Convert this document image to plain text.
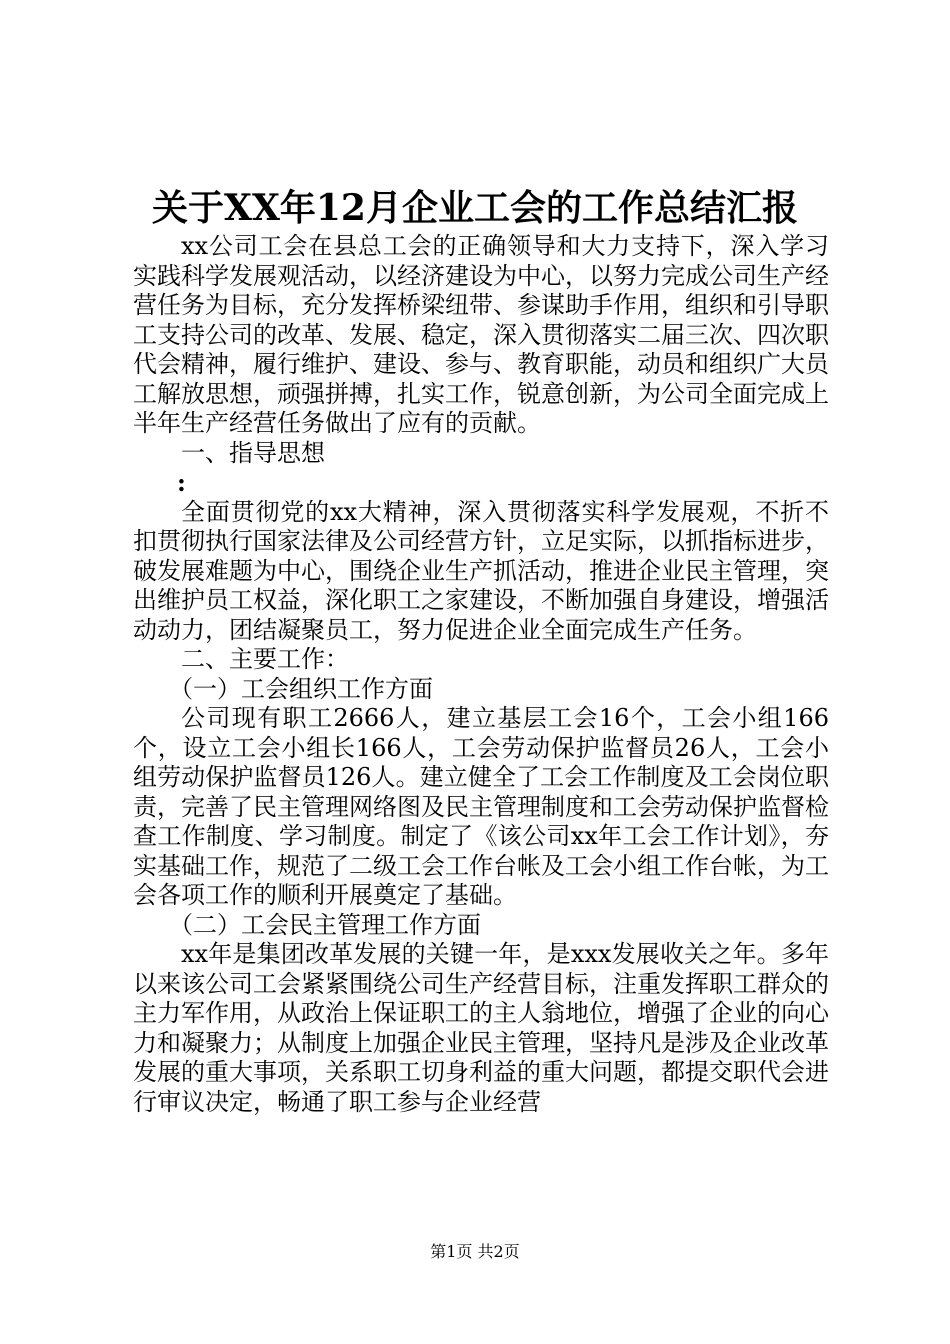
关于XX年12月企业工会的工作总结汇报

xx公司工会在县总工会的正确领导和大力支持下，深入学习实践科学发展观活动，以经济建设为中心，以努力完成公司生产经营任务为目标，充分发挥桥梁纽带、参谋助手作用，组织和引导职工支持公司的改革、发展、稳定，深入贯彻落实二届三次、四次职代会精神，履行维护、建设、参与、教育职能，动员和组织广大员工解放思想，顽强拼搏，扎实工作，锐意创新，为公司全面完成上半年生产经营任务做出了应有的贡献。

一、指导思想

:

全面贯彻党的xx大精神，深入贯彻落实科学发展观，不折不扣贯彻执行国家法律及公司经营方针，立足实际，以抓指标进步，破发展难题为中心，围绕企业生产抓活动，推进企业民主管理，突出维护员工权益，深化职工之家建设，不断加强自身建设，增强活动动力，团结凝聚员工，努力促进企业全面完成生产任务。

二、主要工作：

（一）工会组织工作方面

公司现有职工2666人，建立基层工会16个，工会小组166个，设立工会小组长166人，工会劳动保护监督员26人，工会小组劳动保护监督员126人。建立健全了工会工作制度及工会岗位职责，完善了民主管理网络图及民主管理制度和工会劳动保护监督检查工作制度、学习制度。制定了《该公司xx年工会工作计划》，夯实基础工作，规范了二级工会工作台帐及工会小组工作台帐，为工会各项工作的顺利开展奠定了基础。

（二）工会民主管理工作方面

xx年是集团改革发展的关键一年，是xxx发展收关之年。多年以来该公司工会紧紧围绕公司生产经营目标，注重发挥职工群众的主力军作用，从政治上保证职工的主人翁地位，增强了企业的向心力和凝聚力；从制度上加强企业民主管理，坚持凡是涉及企业改革发展的重大事项，关系职工切身利益的重大问题，都提交职代会进行审议决定，畅通了职工参与企业经营

第1页 共2页
